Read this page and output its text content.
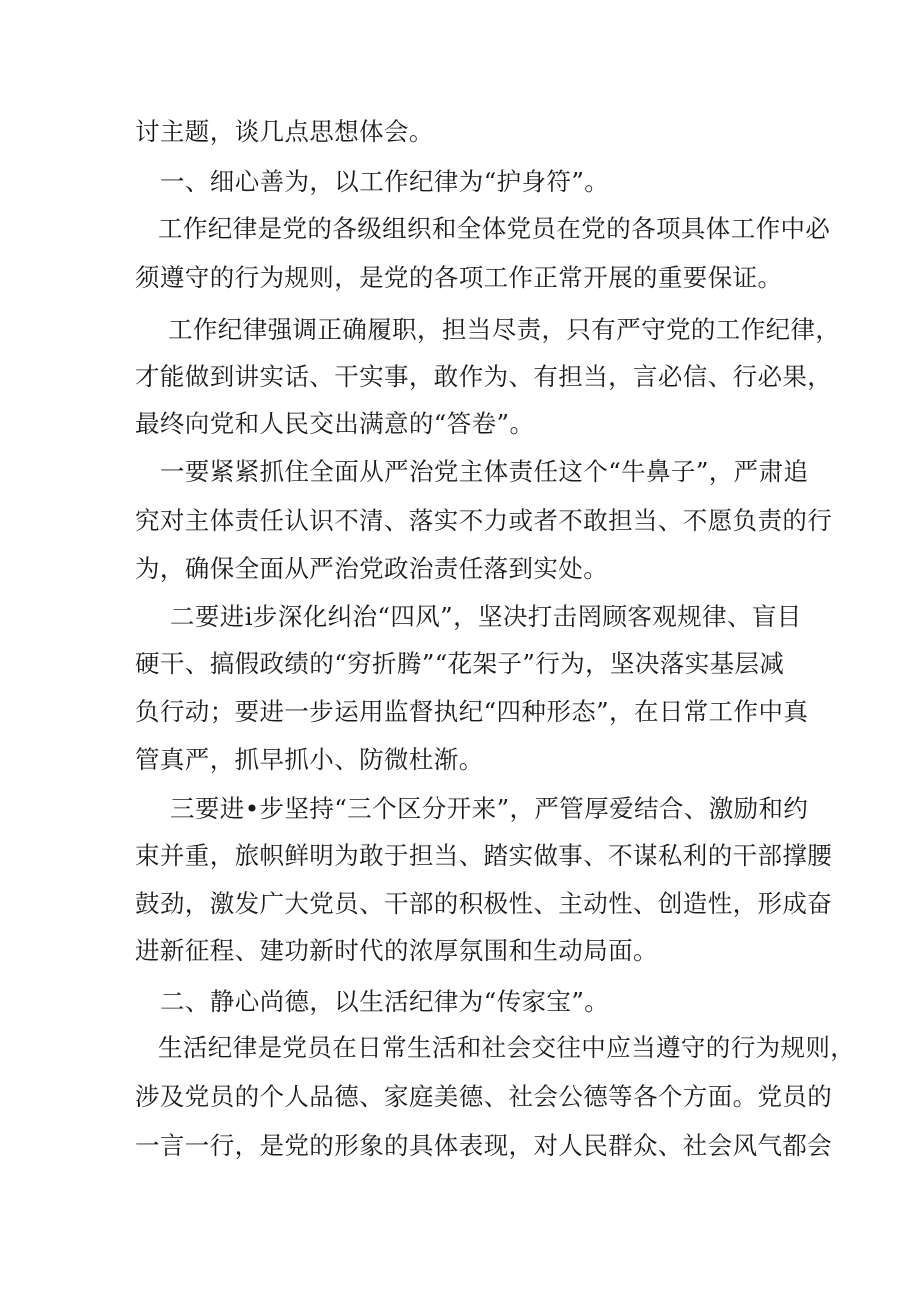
讨主题，谈几点思想体会。

一、细心善为，以工作纪律为“护身符”。

工作纪律是党的各级组织和全体党员在党的各项具体工作中必

须遵守的行为规则，是党的各项工作正常开展的重要保证。

工作纪律强调正确履职，担当尽责，只有严守党的工作纪律，

才能做到讲实话、干实事，敢作为、有担当，言必信、行必果，

最终向党和人民交出满意的“答卷”。

一要紧紧抓住全面从严治党主体责任这个“牛鼻子”，严肃追

究对主体责任认识不清、落实不力或者不敢担当、不愿负责的行

为，确保全面从严治党政治责任落到实处。

二要进i步深化纠治“四风”，坚决打击罔顾客观规律、盲目

硬干、搞假政绩的“穷折腾”“花架子”行为，坚决落实基层减

负行动；要进一步运用监督执纪“四种形态”，在日常工作中真

管真严，抓早抓小、防微杜渐。

三要进•步坚持“三个区分开来”，严管厚爱结合、激励和约

束并重，旅帜鲜明为敢于担当、踏实做事、不谋私利的干部撑腰

鼓劲，激发广大党员、干部的积极性、主动性、创造性，形成奋

进新征程、建功新时代的浓厚氛围和生动局面。

二、静心尚德，以生活纪律为“传家宝”。

生活纪律是党员在日常生活和社会交往中应当遵守的行为规则，

涉及党员的个人品德、家庭美德、社会公德等各个方面。党员的

一言一行，是党的形象的具体表现，对人民群众、社会风气都会
